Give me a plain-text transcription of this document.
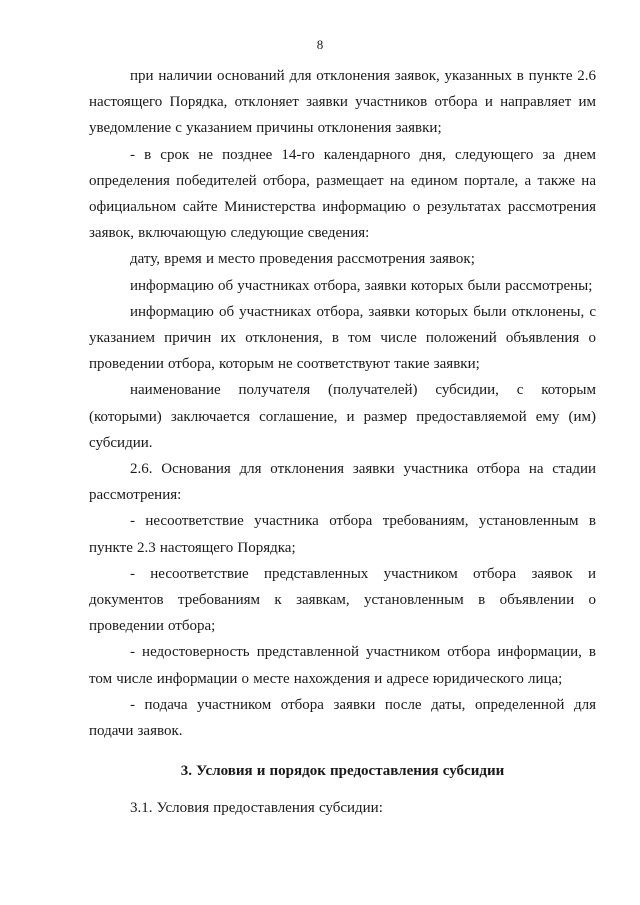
8

при наличии оснований для отклонения заявок, указанных в пункте 2.6 настоящего Порядка, отклоняет заявки участников отбора и направляет им уведомление с указанием причины отклонения заявки;

- в срок не позднее 14-го календарного дня, следующего за днем определения победителей отбора, размещает на едином портале, а также на официальном сайте Министерства информацию о результатах рассмотрения заявок, включающую следующие сведения:

дату, время и место проведения рассмотрения заявок;

информацию об участниках отбора, заявки которых были рассмотрены;

информацию об участниках отбора, заявки которых были отклонены, с указанием причин их отклонения, в том числе положений объявления о проведении отбора, которым не соответствуют такие заявки;

наименование получателя (получателей) субсидии, с которым (которыми) заключается соглашение, и размер предоставляемой ему (им) субсидии.

2.6. Основания для отклонения заявки участника отбора на стадии рассмотрения:

- несоответствие участника отбора требованиям, установленным в пункте 2.3 настоящего Порядка;

- несоответствие представленных участником отбора заявок и документов требованиям к заявкам, установленным в объявлении о проведении отбора;

- недостоверность представленной участником отбора информации, в том числе информации о месте нахождения и адресе юридического лица;

- подача участником отбора заявки после даты, определенной для подачи заявок.

3. Условия и порядок предоставления субсидии

3.1. Условия предоставления субсидии:
